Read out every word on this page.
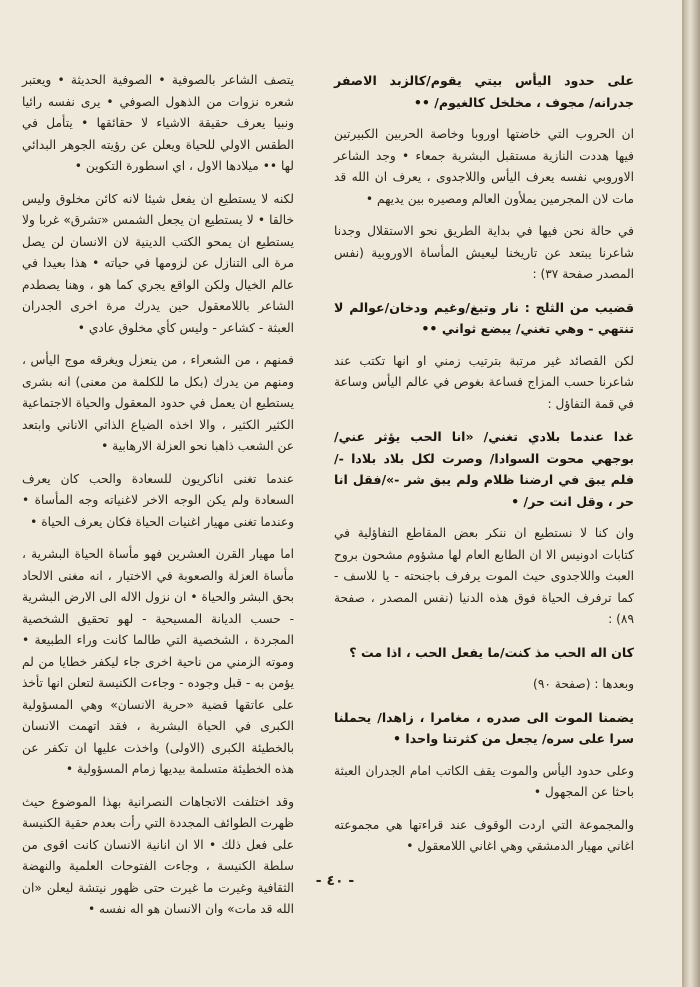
على حدود اليأس بيتي يقوم/كالزبد الاصفر جدرانه/ مجوف ، مخلخل كالغيوم/ ••

ان الحروب التي خاضتها اوروبا وخاصة الحربين الكبيرتين فيها هددت النازية مستقبل البشرية جمعاء • وجد الشاعر الاوروبي نفسه يعرف اليأس واللاجدوى ، يعرف ان الله قد مات لان المجرمين يملأون العالم ومصيره بين يديهم •

في حالة نحن فيها في بداية الطريق نحو الاستقلال وجدنا شاعرنا يبتعد عن تاريخنا ليعيش المأساة الاوروبية (نفس المصدر صفحة ٣٧) :

قضيب من الثلج : نار وتبغ/وغيم ودخان/عوالم لا تنتهي - وهي تغني/ يبضع ثواني ••

لكن القصائد غير مرتبة بترتيب زمني او انها تكتب عند شاعرنا حسب المزاج فساعة بغوص في عالم اليأس وساعة في قمة التفاؤل :

غدا عندما بلادي تغني/ «انا الحب يؤثر عني/ بوجهي محوت السوادا/ وصرت لكل بلاد بلادا -/فلم يبق في ارضنا ظلام ولم يبق شر -»/فقل انا حر ، وقل انت حر/ •

وان كنا لا نستطيع ان ننكر بعض المقاطع التفاؤلية في كتابات ادونيس الا ان الطابع العام لها مشؤوم مشحون بروح العبث واللاجدوى حيث الموت يرفرف باجنحته - يا للاسف - كما ترفرف الحياة فوق هذه الدنيا (نفس المصدر ، صفحة ٨٩) :

كان اله الحب مذ كنت/ما يفعل الحب ، اذا مت ؟

وبعدها : (صفحة ٩٠)

يضمنا الموت الى صدره ، مغامرا ، زاهدا/ يحملنا سرا على سره/ يجعل من كثرتنا واحدا •

وعلى حدود اليأس والموت يقف الكاتب امام الجدران العبثة باحثا عن المجهول •

والمجموعة التي اردت الوقوف عند قراءتها هي مجموعته اغاني مهيار الدمشقي وهي اغاني اللامعقول •

يتصف الشاعر بالصوفية • الصوفية الحديثة • ويعتبر شعره نزوات من الذهول الصوفي • يرى نفسه رائيا ونبيا يعرف حقيقة الاشياء لا حقائقها • يتأمل في الطقس الاولي للحياة ويعلن عن رؤيته الجوهر البدائي لها •• ميلادها الاول ، اي اسطورة التكوين •

لكنه لا يستطيع ان يفعل شيئا لانه كائن مخلوق وليس خالقا • لا يستطيع ان يجعل الشمس «تشرق» غربا ولا يستطيع ان يمحو الكتب الدينية لان الانسان لن يصل مرة الى التنازل عن لزومها في حياته • هذا بعيدا في عالم الخيال ولكن الواقع يجري كما هو ، وهنا يصطدم الشاعر باللامعقول حين يدرك مرة اخرى الجدران العبثة - كشاعر - وليس كأي مخلوق عادي •

فمنهم ، من الشعراء ، من ينعزل ويغرقه موج اليأس ، ومنهم من يدرك (بكل ما للكلمة من معنى) انه بشرى يستطيع ان يعمل في حدود المعقول والحياة الاجتماعية الكثير الكثير ، والا اخذه الضياع الذاتي الاناني وابتعد عن الشعب ذاهبا نحو العزلة الارهابية •

عندما تغنى اناكريون للسعادة والحب كان يعرف السعادة ولم يكن الوجه الاخر لاغنياته وجه المأساة • وعندما تغنى مهيار اغنيات الحياة فكان يعرف الحياة •

اما مهيار القرن العشرين فهو مأساة الحياة البشرية ، مأساة العزلة والصعوبة في الاختيار ، انه مغنى الالحاد بحق البشر والحياة • ان نزول الاله الى الارض البشرية - حسب الديانة المسيحية - لهو تحقيق الشخصية المجردة ، الشخصية التي طالما كانت وراء الطبيعة • وموته الزمني من ناحية اخرى جاء ليكفر خطايا من لم يؤمن به - قبل وجوده - وجاءت الكنيسة لتعلن انها تأخذ على عاتقها قضية «حرية الانسان» وهي المسؤولية الكبرى في الحياة البشرية ، فقد اتهمت الانسان بالخطيئة الكبرى (الاولى) واخذت عليها ان تكفر عن هذه الخطيئة متسلمة بيديها زمام المسؤولية •

وقد اختلفت الاتجاهات النصرانية بهذا الموضوع حيث ظهرت الطوائف المجددة التي رأت بعدم حقية الكنيسة على فعل ذلك • الا ان انانية الانسان كانت اقوى من سلطة الكنيسة ، وجاءت الفتوحات العلمية والنهضة الثقافية وغيرت ما غيرت حتى ظهور نيتشة ليعلن «ان الله قد مات» وان الانسان هو اله نفسه •

- ٤٠ -
